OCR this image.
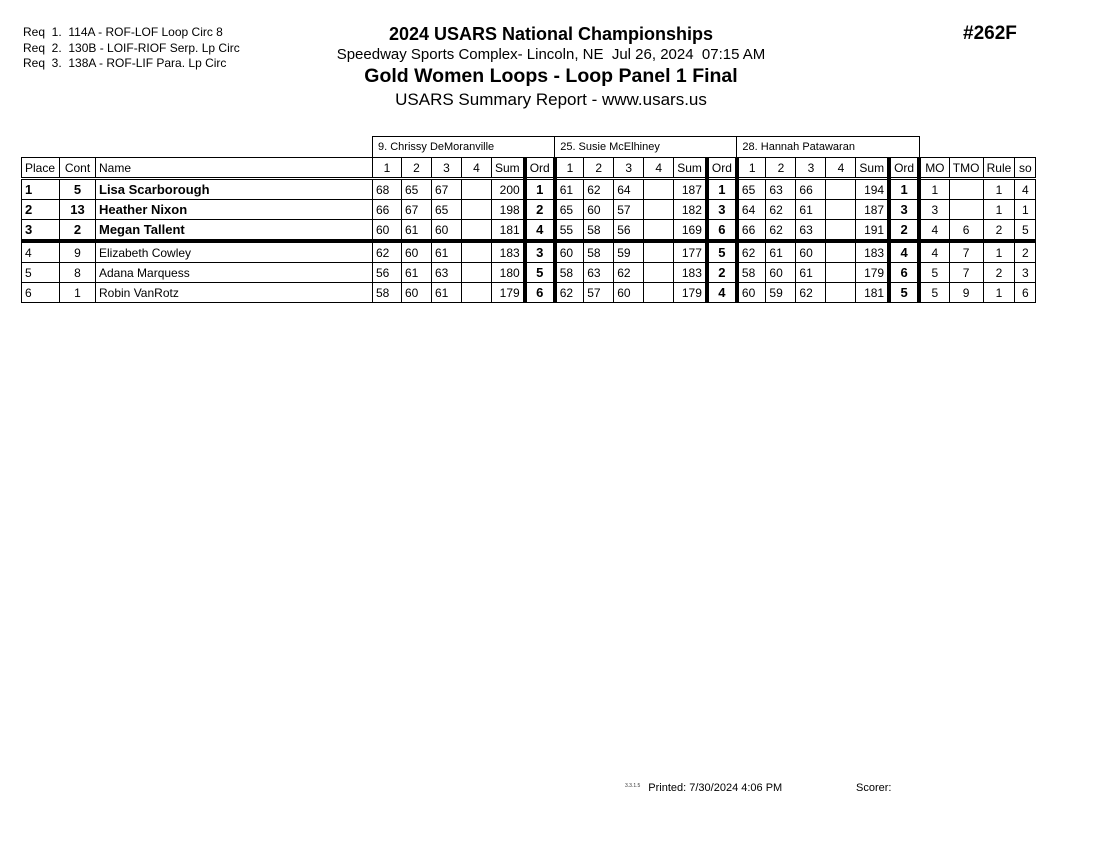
Req  1.  114A - ROF-LOF Loop Circ 8
Req  2.  130B - LOIF-RIOF Serp. Lp Circ
Req  3.  138A - ROF-LIF Para. Lp Circ
2024 USARS National Championships
Speedway Sports Complex- Lincoln, NE  Jul 26, 2024  07:15 AM
Gold Women Loops - Loop Panel 1 Final
USARS Summary Report - www.usars.us
#262F
			9. Chrissy DeMoranville						25. Susie McElhiney						28. Hannah Patawaran									
Place	Cont	Name	1	2	3	4	Sum	Ord	1	2	3	4	Sum	Ord	1	2	3	4	Sum	Ord	MO	TMO	Rule	so
1	5	Lisa Scarborough	68	65	67		200	1	61	62	64		187	1	65	63	66		194	1	1		1	4
2	13	Heather Nixon	66	67	65		198	2	65	60	57		182	3	64	62	61		187	3	3		1	1
3	2	Megan Tallent	60	61	60		181	4	55	58	56		169	6	66	62	63		191	2	4	6	2	5
4	9	Elizabeth Cowley	62	60	61		183	3	60	58	59		177	5	62	61	60		183	4	4	7	1	2
5	8	Adana Marquess	56	61	63		180	5	58	63	62		183	2	58	60	61		179	6	5	7	2	3
6	1	Robin VanRotz	58	60	61		179	6	62	57	60		179	4	60	59	62		181	5	5	9	1	6
$^{3.3.1.5}$ Printed: 7/30/2024 4:06 PM	Scorer:
